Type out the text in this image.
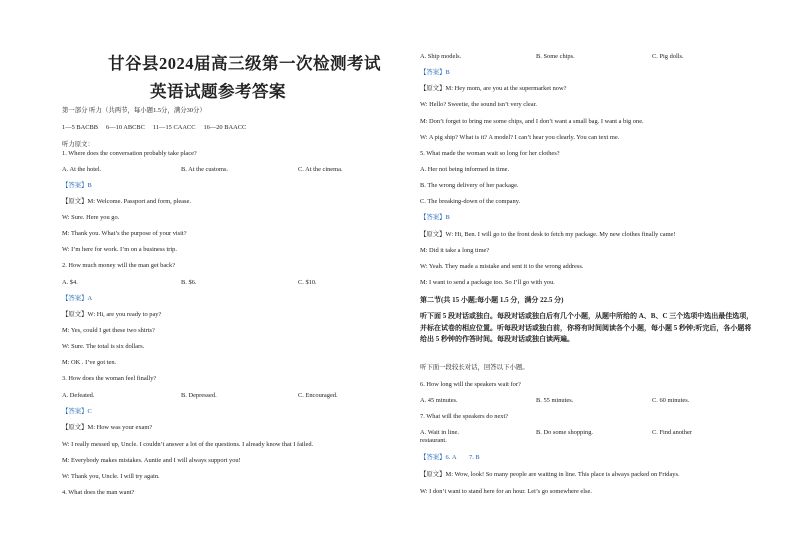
甘谷县2024届高三级第一次检测考试
英语试题参考答案
第一部分 听力（共两节，每小题1.5分，满分30分）
1—5 BACBB　 6—10 ABCBC　 11—15 CAACC　 16—20 BAACC
听力原文：
1. Where does the conversation probably take place?
A. At the hotel.	B. At the customs.	C. At the cinema.
【答案】B
【原文】M: Welcome. Passport and form, please.
W: Sure. Here you go.
M: Thank you. What’s the purpose of your visit?
W: I’m here for work. I’m on a business trip.
2. How much money will the man get back?
A. $4.	B. $6.	C. $10.
【答案】A
【原文】W: Hi, are you ready to pay?
M: Yes, could I get these two shirts?
W: Sure. The total is six dollars.
M: OK . I’ve got ten.
3. How does the woman feel finally?
A. Defeated.	B. Depressed.	C. Encouraged.
【答案】C
【原文】M: How was your exam?
W: I really messed up, Uncle. I couldn’t answer a lot of the questions. I already know that I failed.
M: Everybody makes mistakes. Auntie and I will always support you!
W: Thank you, Uncle. I will try again.
4. What does the man want?
A. Ship models.	B. Some chips.	C. Pig dolls.
【答案】B
【原文】M: Hey mom, are you at the supermarket now?
W: Hello? Sweetie, the sound isn’t very clear.
M: Don’t forget to bring me some chips, and I don’t want a small bag. I want a big one.
W: A pig ship? What is it? A model? I can’t hear you clearly. You can text me.
5. What made the woman wait so long for her clothes?
A. Her not being informed in time.
B. The wrong delivery of her package.
C. The breaking-down of the company.
【答案】B
【原文】W: Hi, Ben. I will go to the front desk to fetch my package. My new clothes finally came!
M: Did it take a long time?
W: Yeah. They made a mistake and sent it to the wrong address.
M: I want to send a package too. So I’ll go with you.
第二节(共 15 小题;每小题 1.5 分，满分 22.5 分)
听下面 5 段对话或独白。每段对话或独白后有几个小题，从题中所给的 A、B、C 三个选项中选出最佳选项，并标在试卷的相应位置。听每段对话或独白前，你将有时间阅读各个小题，每小题 5 秒钟;听完后，各小题将给出 5 秒钟的作答时间。每段对话或独白读两遍。
听下面一段较长对话，回答以下小题。
6. How long will the speakers wait for?
A. 45 minutes.	B. 55 minutes.	C. 60 minutes.
7. What will the speakers do next?
A. Wait in line.	B. Do some shopping.	C. Find another
restaurant.
【答案】6. A　　7. B
【原文】M: Wow, look! So many people are waiting in line. This place is always packed on Fridays.
W: I don’t want to stand here for an hour. Let’s go somewhere else.
